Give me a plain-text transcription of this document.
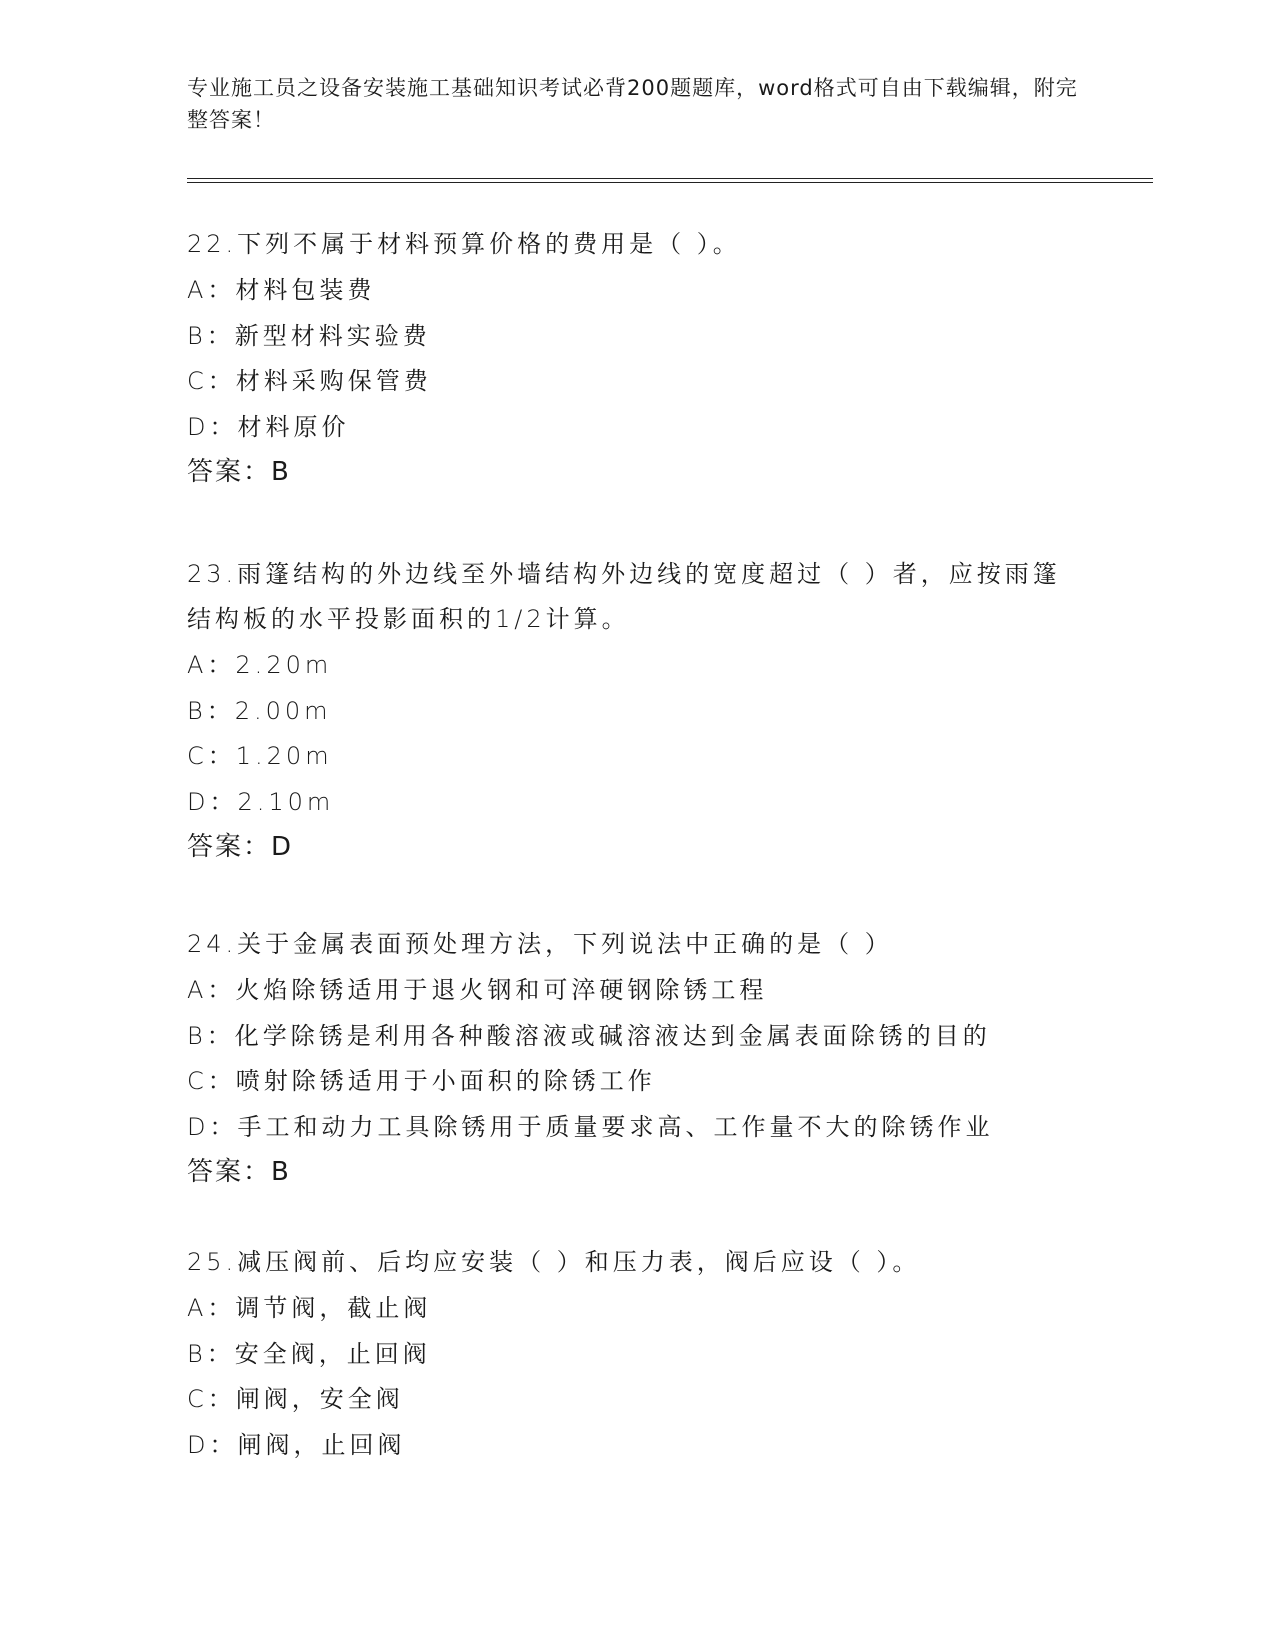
专业施工员之设备安装施工基础知识考试必背200题题库，word格式可自由下载编辑，附完整答案！
22.下列不属于材料预算价格的费用是（ ）。
A：材料包装费
B：新型材料实验费
C：材料采购保管费
D：材料原价
答案：B
23.雨篷结构的外边线至外墙结构外边线的宽度超过（ ）者，应按雨篷结构板的水平投影面积的1/2计算。
A：2.20m
B：2.00m
C：1.20m
D：2.10m
答案：D
24.关于金属表面预处理方法，下列说法中正确的是（ ）
A：火焰除锈适用于退火钢和可淬硬钢除锈工程
B：化学除锈是利用各种酸溶液或碱溶液达到金属表面除锈的目的
C：喷射除锈适用于小面积的除锈工作
D：手工和动力工具除锈用于质量要求高、工作量不大的除锈作业
答案：B
25.减压阀前、后均应安装（ ）和压力表，阀后应设（ ）。
A：调节阀，截止阀
B：安全阀，止回阀
C：闸阀，安全阀
D：闸阀，止回阀
